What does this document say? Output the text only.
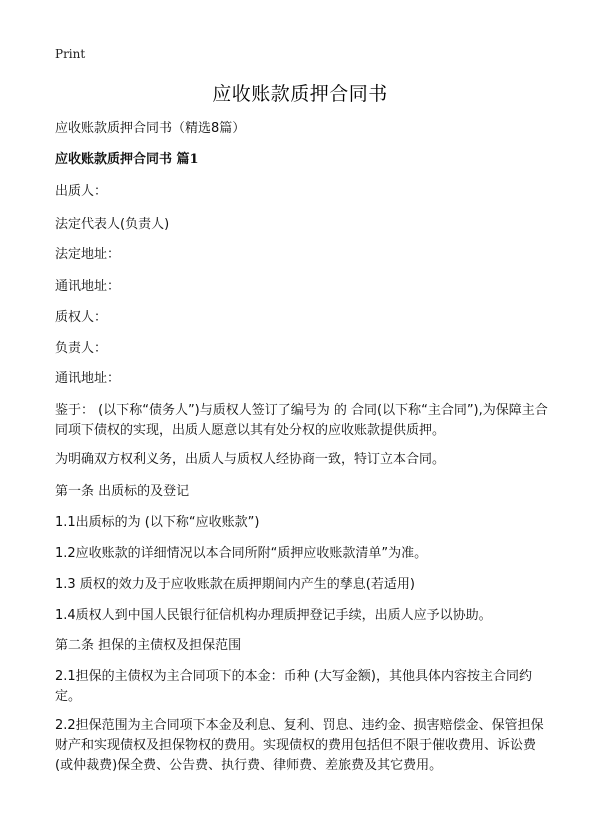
Print
应收账款质押合同书
应收账款质押合同书（精选8篇）
应收账款质押合同书 篇1
出质人：
法定代表人(负责人)
法定地址：
通讯地址：
质权人：
负责人：
通讯地址：
鉴于： (以下称“债务人”)与质权人签订了编号为 的 合同(以下称“主合同”),为保障主合同项下债权的实现，出质人愿意以其有处分权的应收账款提供质押。
为明确双方权利义务，出质人与质权人经协商一致，特订立本合同。
第一条 出质标的及登记
1.1出质标的为 (以下称“应收账款”)
1.2应收账款的详细情况以本合同所附“质押应收账款清单”为准。
1.3 质权的效力及于应收账款在质押期间内产生的孳息(若适用)
1.4质权人到中国人民银行征信机构办理质押登记手续，出质人应予以协助。
第二条 担保的主债权及担保范围
2.1担保的主债权为主合同项下的本金：币种 (大写金额)，其他具体内容按主合同约定。
2.2担保范围为主合同项下本金及利息、复利、罚息、违约金、损害赔偿金、保管担保财产和实现债权及担保物权的费用。实现债权的费用包括但不限于催收费用、诉讼费(或仲裁费)保全费、公告费、执行费、律师费、差旅费及其它费用。
